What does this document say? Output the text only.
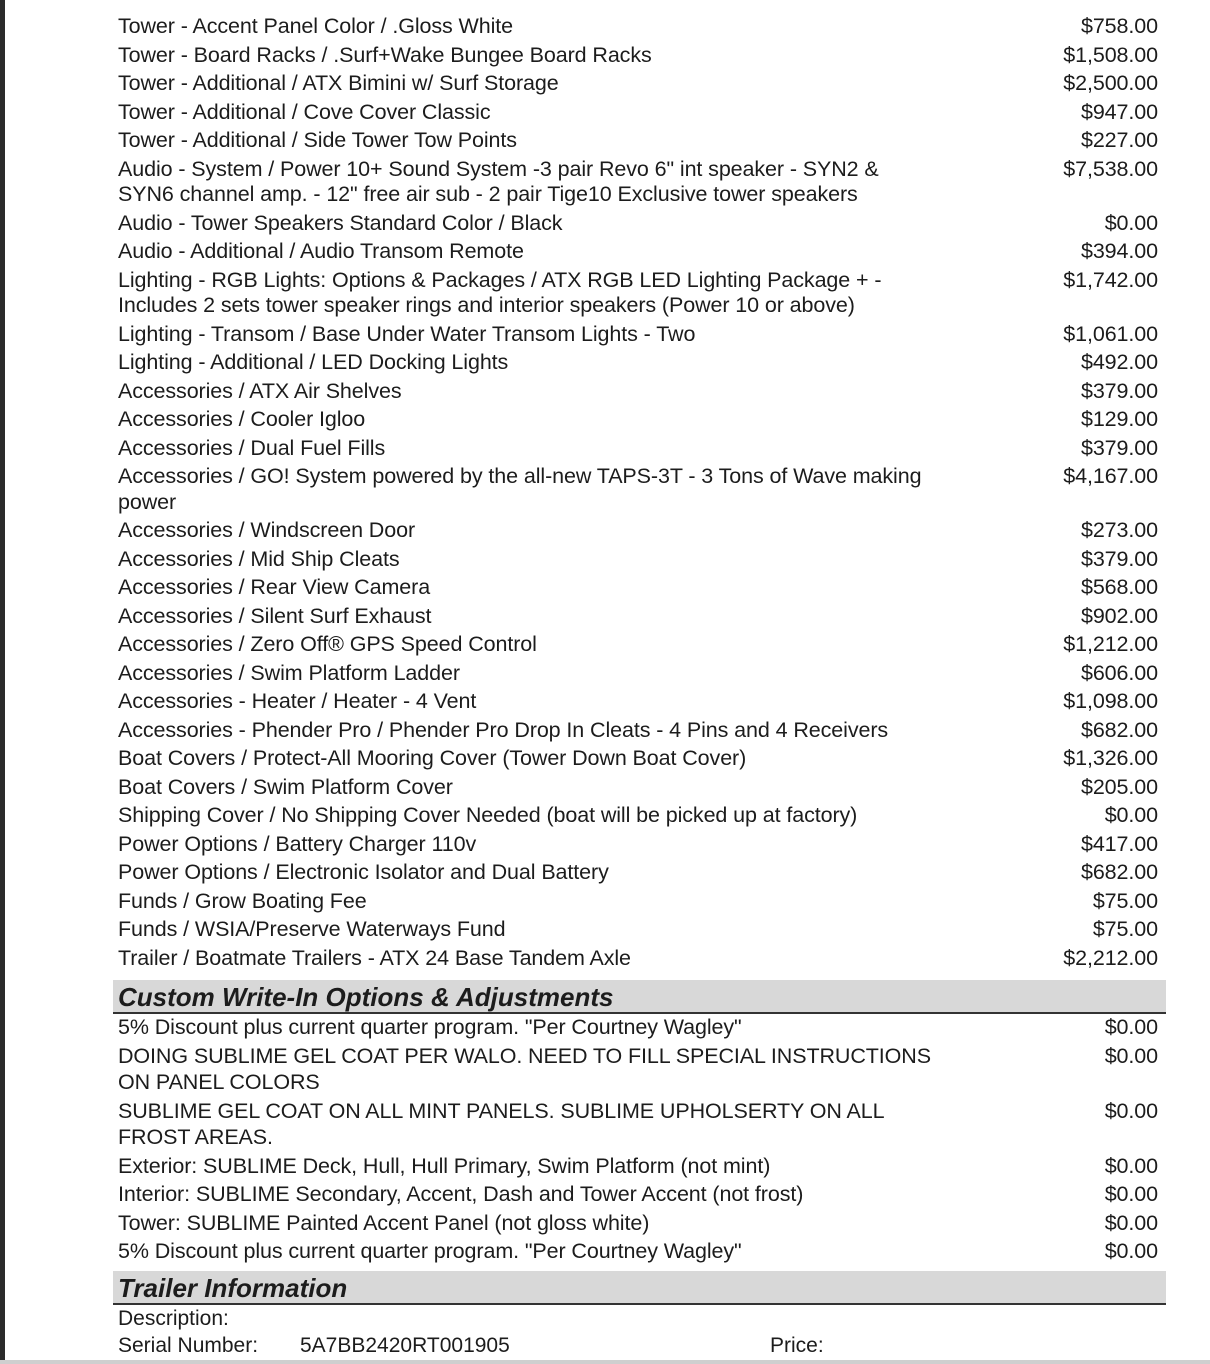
Tower - Accent Panel Color / .Gloss White	$758.00
Tower - Board Racks / .Surf+Wake Bungee Board Racks	$1,508.00
Tower - Additional / ATX Bimini w/ Surf Storage	$2,500.00
Tower - Additional / Cove Cover Classic	$947.00
Tower - Additional / Side Tower Tow Points	$227.00
Audio - System / Power 10+ Sound System -3 pair Revo 6" int speaker - SYN2 & SYN6 channel amp. - 12" free air sub - 2 pair Tige10 Exclusive tower speakers
$7,538.00
Audio - Tower Speakers Standard Color / Black	$0.00
Audio - Additional / Audio Transom Remote	$394.00
Lighting - RGB Lights: Options & Packages / ATX RGB LED Lighting Package + - Includes 2 sets tower speaker rings and interior speakers (Power 10 or above)
$1,742.00
Lighting - Transom / Base Under Water Transom Lights - Two	$1,061.00
Lighting - Additional / LED Docking Lights	$492.00
Accessories / ATX Air Shelves	$379.00
Accessories / Cooler Igloo	$129.00
Accessories / Dual Fuel Fills	$379.00
Accessories / GO! System powered by the all-new TAPS-3T - 3 Tons of Wave making power
$4,167.00
Accessories / Windscreen Door	$273.00
Accessories / Mid Ship Cleats	$379.00
Accessories / Rear View Camera	$568.00
Accessories / Silent Surf Exhaust	$902.00
Accessories / Zero Off® GPS Speed Control	$1,212.00
Accessories / Swim Platform Ladder	$606.00
Accessories - Heater / Heater - 4 Vent	$1,098.00
Accessories - Phender Pro / Phender Pro Drop In Cleats - 4 Pins and 4 Receivers	$682.00
Boat Covers / Protect-All Mooring Cover (Tower Down Boat Cover)	$1,326.00
Boat Covers / Swim Platform Cover	$205.00
Shipping Cover / No Shipping Cover Needed (boat will be picked up at factory)	$0.00
Power Options / Battery Charger 110v	$417.00
Power Options / Electronic Isolator and Dual Battery	$682.00
Funds / Grow Boating Fee	$75.00
Funds / WSIA/Preserve Waterways Fund	$75.00
Trailer / Boatmate Trailers - ATX 24 Base Tandem Axle	$2,212.00
Custom Write-In Options & Adjustments
5% Discount plus current quarter program. "Per Courtney Wagley"	$0.00
DOING SUBLIME GEL COAT PER WALO. NEED TO FILL SPECIAL INSTRUCTIONS ON PANEL COLORS
$0.00
SUBLIME GEL COAT ON ALL MINT PANELS. SUBLIME UPHOLSERTY ON ALL FROST AREAS.
$0.00
Exterior: SUBLIME Deck, Hull, Hull Primary, Swim Platform (not mint)	$0.00
Interior: SUBLIME Secondary, Accent, Dash and Tower Accent (not frost)	$0.00
Tower: SUBLIME Painted Accent Panel (not gloss white)	$0.00
5% Discount plus current quarter program. "Per Courtney Wagley"	$0.00
Trailer Information
Description:
Serial Number:	5A7BB2420RT001905	Price:
